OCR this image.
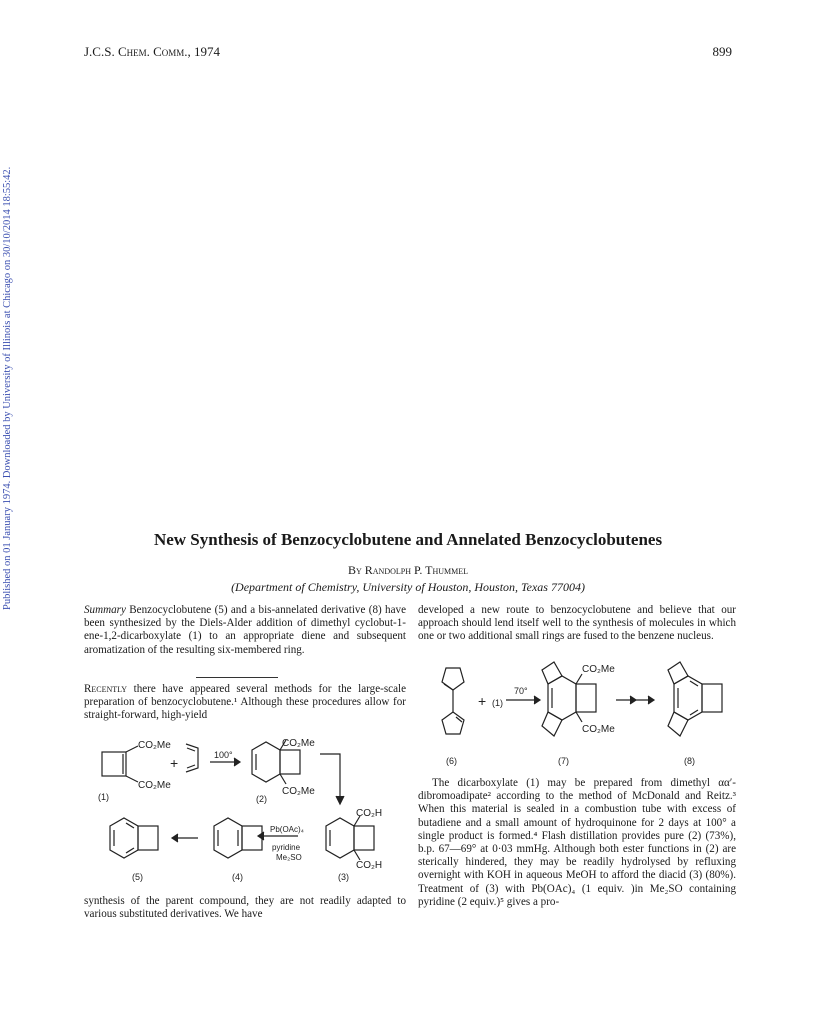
Published on 01 January 1974. Downloaded by University of Illinois at Chicago on 30/10/2014 18:55:42.
J.C.S. Chem. Comm., 1974	899
New Synthesis of Benzocyclobutene and Annelated Benzocyclobutenes
By Randolph P. Thummel
(Department of Chemistry, University of Houston, Houston, Texas 77004)
Summary Benzocyclobutene (5) and a bis-annelated derivative (8) have been synthesized by the Diels-Alder addition of dimethyl cyclobut-1-ene-1,2-dicarboxylate (1) to an appropriate diene and subsequent aromatization of the resulting six-membered ring.
Recently there have appeared several methods for the large-scale preparation of benzocyclobutene.¹ Although these procedures allow for straight-forward, high-yield
CO₂Me
CO₂Me
+	100°
CO₂Me
CO₂Me
CO₂H
CO₂H
Pb(OAc)₄
pyridine
Me₂SO
(1)	(2)
(3)
(4)
(5)
synthesis of the parent compound, they are not readily adapted to various substituted derivatives. We have
developed a new route to benzocyclobutene and believe that our approach should lend itself well to the synthesis of molecules in which one or two additional small rings are fused to the benzene nucleus.
+ (1)
70°
CO₂Me
CO₂Me
(6)	(7)	(8)
The dicarboxylate (1) may be prepared from dimethyl αα′-dibromoadipate² according to the method of McDonald and Reitz.³ When this material is sealed in a combustion tube with excess of butadiene and a small amount of hydroquinone for 2 days at 100° a single product is formed.⁴ Flash distillation provides pure (2) (73%), b.p. 67—69° at 0·03 mmHg. Although both ester functions in (2) are sterically hindered, they may be readily hydrolysed by refluxing overnight with KOH in aqueous MeOH to afford the diacid (3) (80%). Treatment of (3) with Pb(OAc)₄ (1 equiv. )in Me₂SO containing pyridine (2 equiv.)⁵ gives a pro-
